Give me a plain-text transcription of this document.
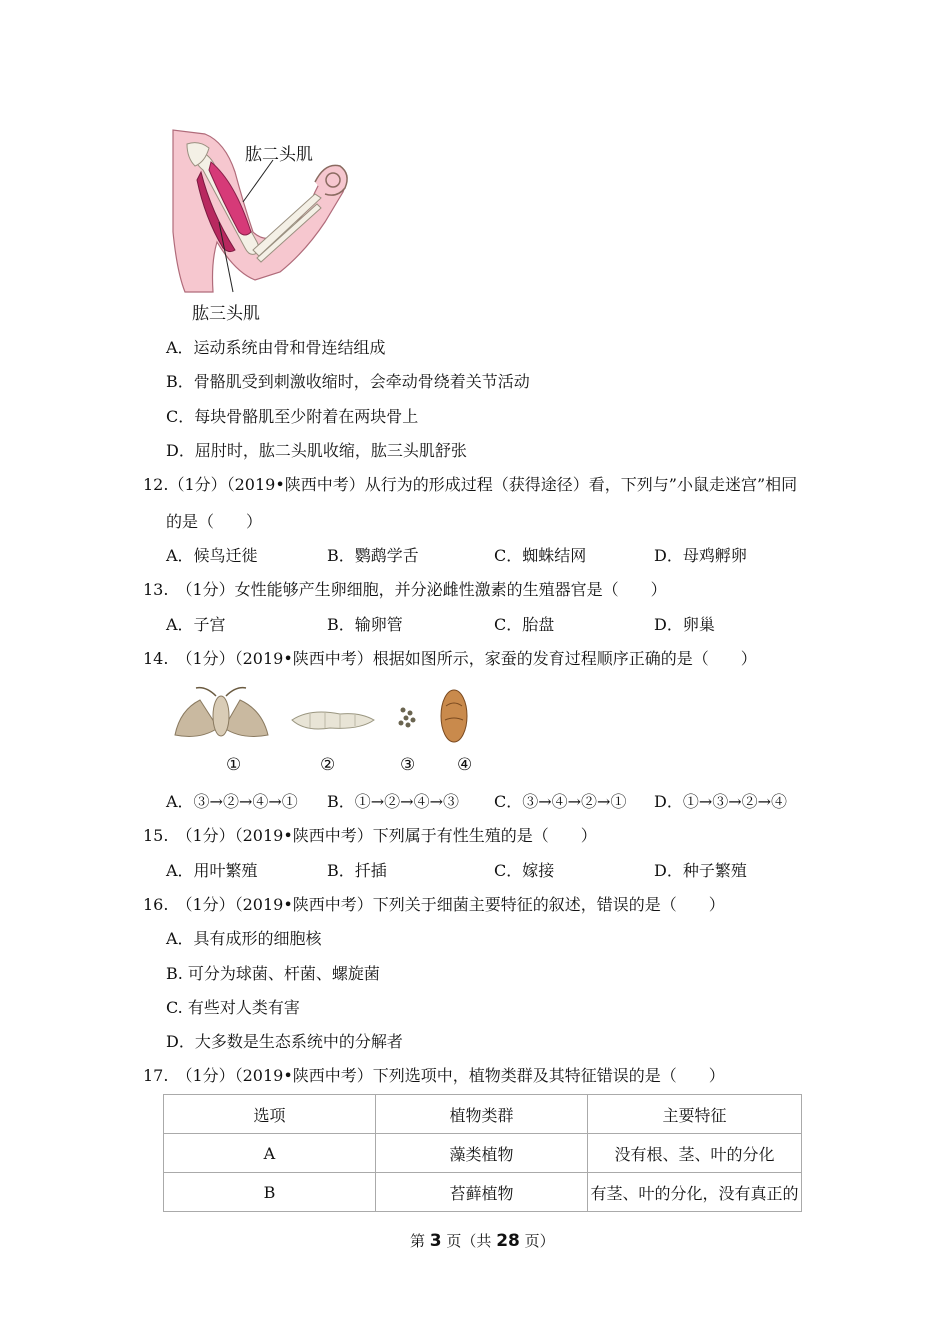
肱二头肌
肱三头肌
A．运动系统由骨和骨连结组成
B．骨骼肌受到刺激收缩时，会牵动骨绕着关节活动
C．每块骨骼肌至少附着在两块骨上
D．屈肘时，肱二头肌收缩，肱三头肌舒张
12.（1分）（2019•陕西中考）从行为的形成过程（获得途径）看，下列与”小鼠走迷宫”相同
的是（　　）
A．候鸟迁徙	B．鹦鹉学舌	C．蜘蛛结网	D．母鸡孵卵
13.　（1分）女性能够产生卵细胞，并分泌雌性激素的生殖器官是（　　）
A．子宫	B．输卵管	C．胎盘	D．卵巢
14.　（1分）（2019•陕西中考）根据如图所示，家蚕的发育过程顺序正确的是（　　）
①	②	③ ④
A．③→②→④→① B．①→②→④→③ C．③→④→②→① D．①→③→②→④
15.　（1分）（2019•陕西中考）下列属于有性生殖的是（　　）
A．用叶繁殖	B．扦插	C．嫁接	D．种子繁殖
16.　（1分）（2019•陕西中考）下列关于细菌主要特征的叙述，错误的是（　　）
A．具有成形的细胞核
B. 可分为球菌、杆菌、螺旋菌
C. 有些对人类有害
D．大多数是生态系统中的分解者
17.　（1分）（2019•陕西中考）下列选项中，植物类群及其特征错误的是（　　）
选项	植物类群	主要特征
A	藻类植物	没有根、茎、叶的分化
B	苔藓植物	有茎、叶的分化，没有真正的
第 3 页（共 28 页）
